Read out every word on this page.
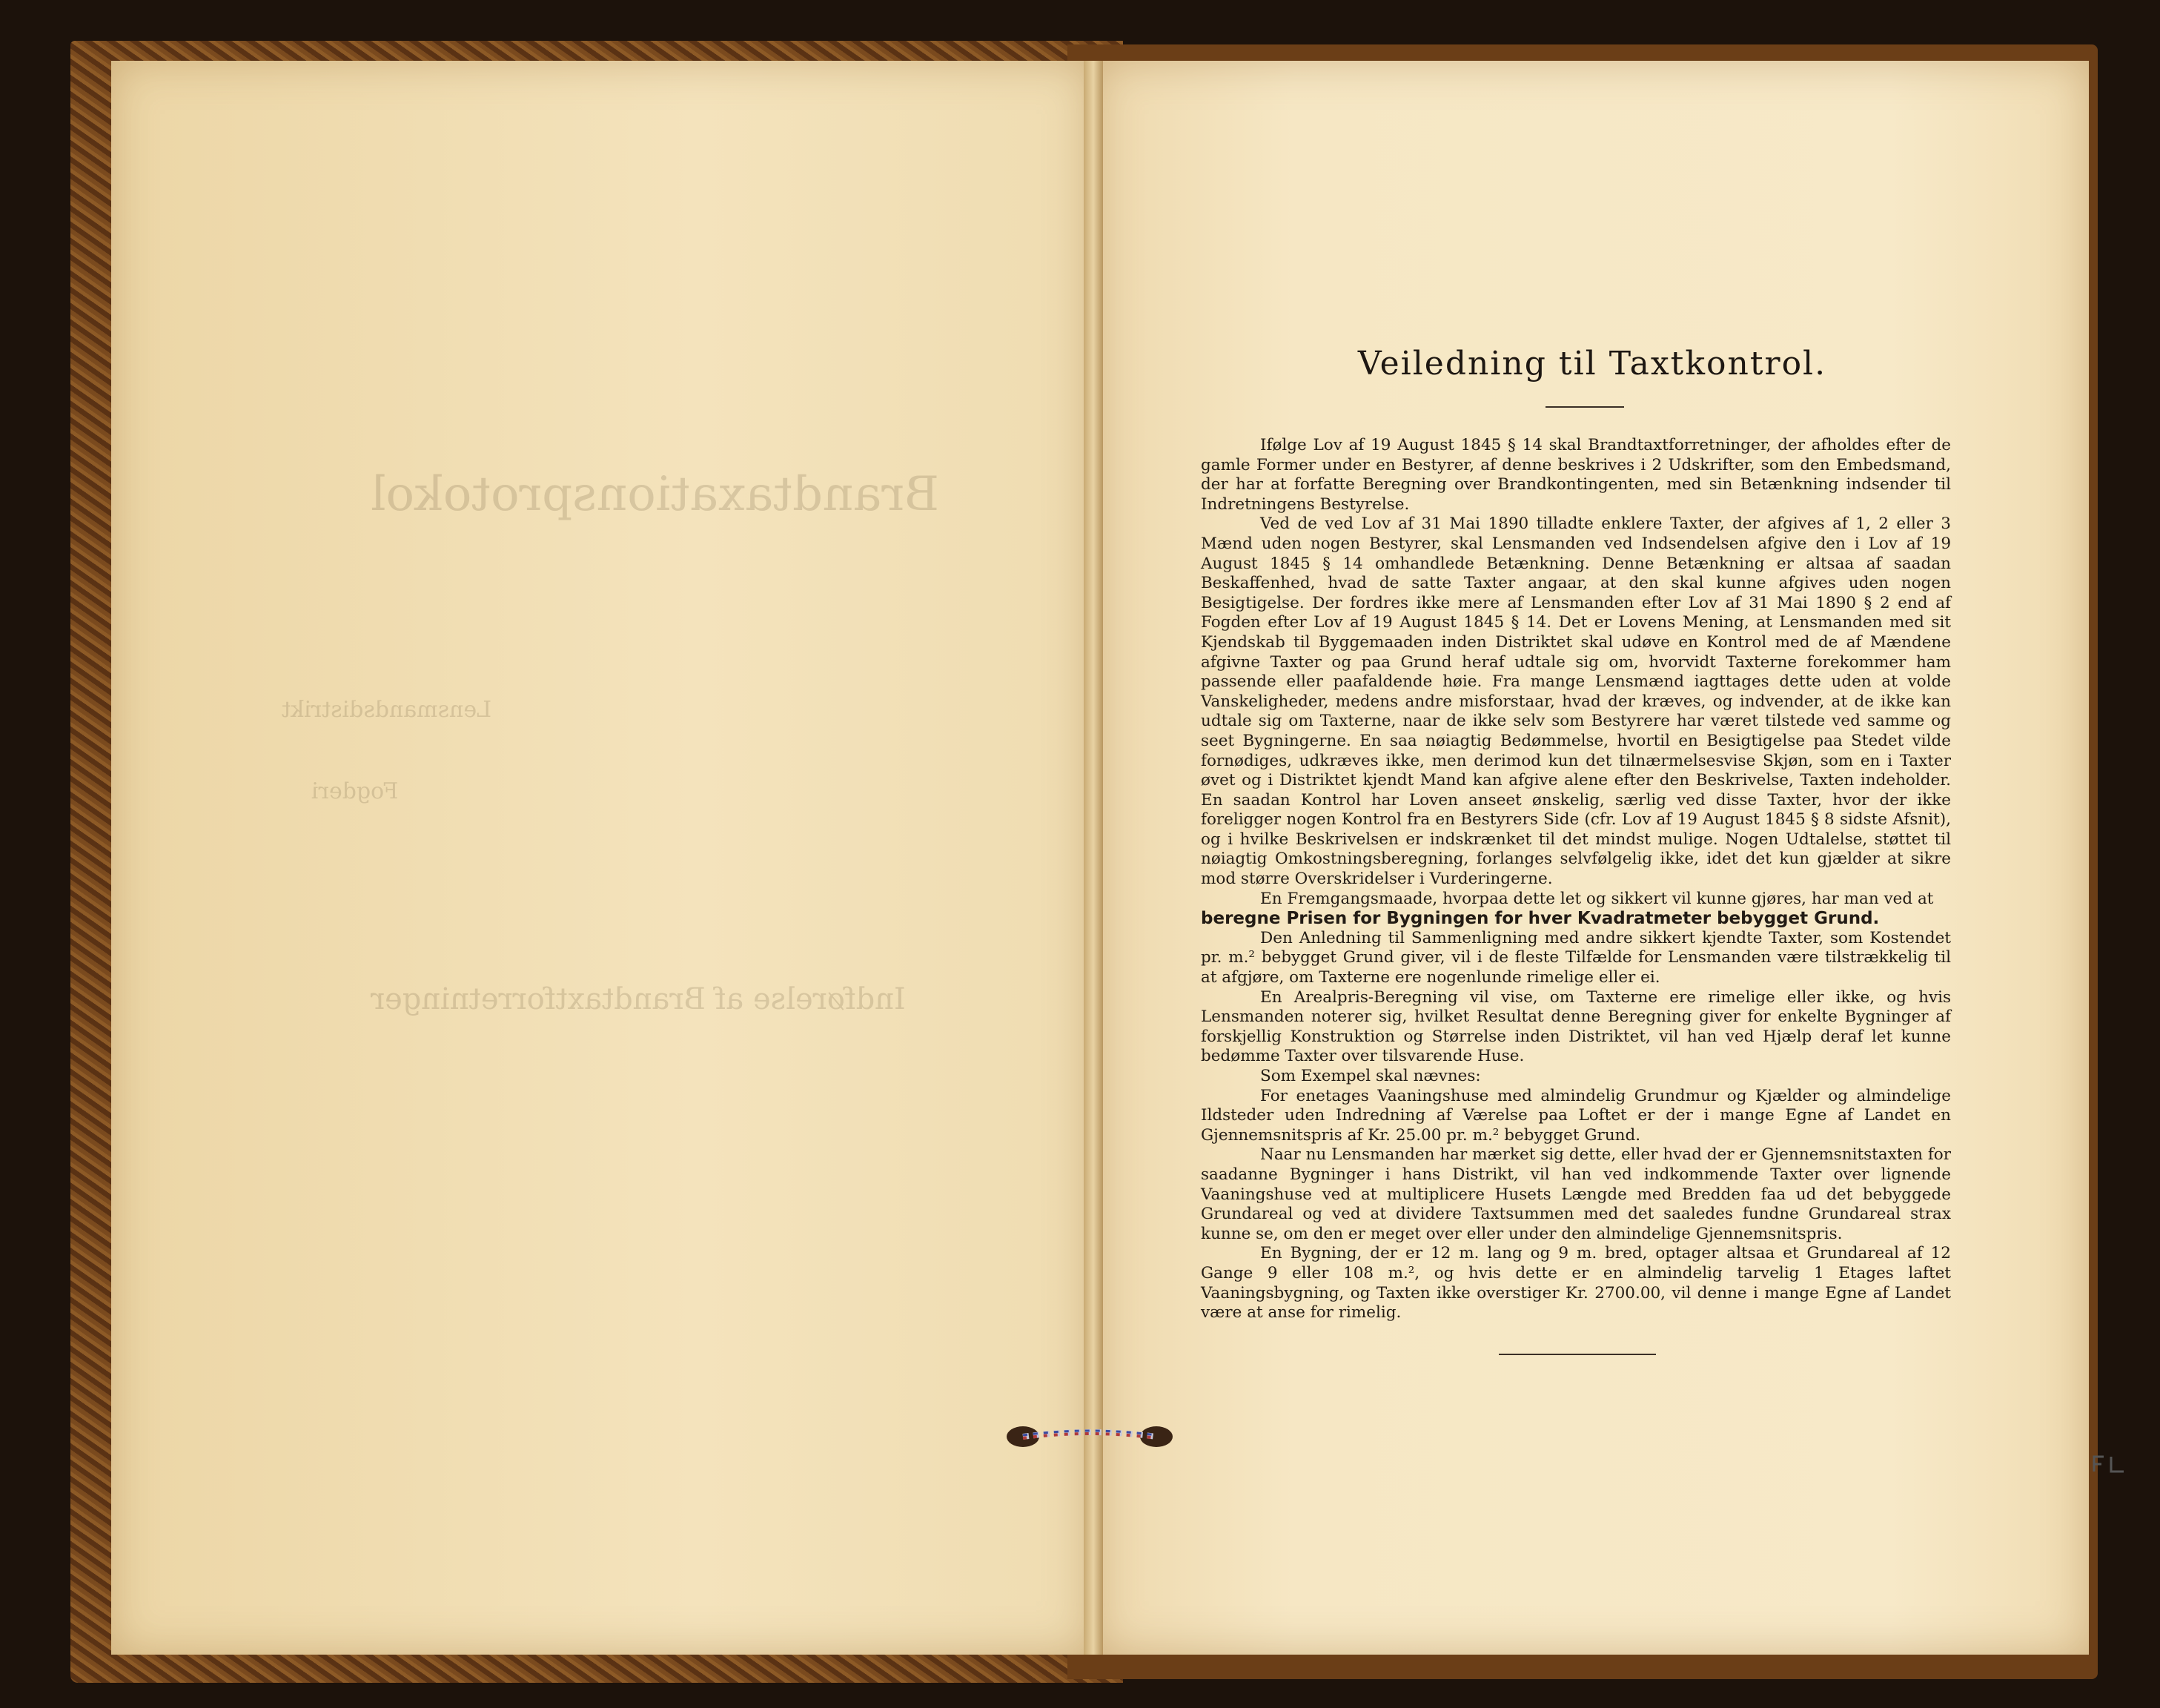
Brandtaxationsprotokol
Lensmandsdistrikt
Fogderi
Indførelse af Brandtaxtforretninger
Veiledning til Taxtkontrol.

Ifølge Lov af 19 August 1845 § 14 skal Brandtaxtforretninger, der afholdes efter de gamle Former under en Bestyrer, af denne beskrives i 2 Udskrifter, som den Embedsmand, der har at forfatte Beregning over Brandkontingenten, med sin Betænkning indsender til Indretningens Bestyrelse.

Ved de ved Lov af 31 Mai 1890 tilladte enklere Taxter, der afgives af 1, 2 eller 3 Mænd uden nogen Bestyrer, skal Lensmanden ved Indsendelsen afgive den i Lov af 19 August 1845 § 14 omhandlede Betænkning. Denne Betænkning er altsaa af saadan Beskaffenhed, hvad de satte Taxter angaar, at den skal kunne afgives uden nogen Besigtigelse. Der fordres ikke mere af Lensmanden efter Lov af 31 Mai 1890 § 2 end af Fogden efter Lov af 19 August 1845 § 14. Det er Lovens Mening, at Lensmanden med sit Kjendskab til Byggemaaden inden Distriktet skal udøve en Kontrol med de af Mændene afgivne Taxter og paa Grund heraf udtale sig om, hvorvidt Taxterne forekommer ham passende eller paafaldende høie. Fra mange Lensmænd iagttages dette uden at volde Vanskeligheder, medens andre misforstaar, hvad der kræves, og indvender, at de ikke kan udtale sig om Taxterne, naar de ikke selv som Bestyrere har været tilstede ved samme og seet Bygningerne. En saa nøiagtig Bedømmelse, hvortil en Besigtigelse paa Stedet vilde fornødiges, udkræves ikke, men derimod kun det tilnærmelsesvise Skjøn, som en i Taxter øvet og i Distriktet kjendt Mand kan afgive alene efter den Beskrivelse, Taxten indeholder. En saadan Kontrol har Loven anseet ønskelig, særlig ved disse Taxter, hvor der ikke foreligger nogen Kontrol fra en Bestyrers Side (cfr. Lov af 19 August 1845 § 8 sidste Afsnit), og i hvilke Beskrivelsen er indskrænket til det mindst mulige. Nogen Udtalelse, støttet til nøiagtig Omkostningsberegning, forlanges selvfølgelig ikke, idet det kun gjælder at sikre mod større Overskridelser i Vurderingerne.

En Fremgangsmaade, hvorpaa dette let og sikkert vil kunne gjøres, har man ved at

beregne Prisen for Bygningen for hver Kvadratmeter bebygget Grund.

Den Anledning til Sammenligning med andre sikkert kjendte Taxter, som Kostendet pr. m.² bebygget Grund giver, vil i de fleste Tilfælde for Lensmanden være tilstrækkelig til at afgjøre, om Taxterne ere nogenlunde rimelige eller ei.

En Arealpris-Beregning vil vise, om Taxterne ere rimelige eller ikke, og hvis Lensmanden noterer sig, hvilket Resultat denne Beregning giver for enkelte Bygninger af forskjellig Konstruktion og Størrelse inden Distriktet, vil han ved Hjælp deraf let kunne bedømme Taxter over tilsvarende Huse.

Som Exempel skal nævnes:

For enetages Vaaningshuse med almindelig Grundmur og Kjælder og almindelige Ildsteder uden Indredning af Værelse paa Loftet er der i mange Egne af Landet en Gjennemsnitspris af Kr. 25.00 pr. m.² bebygget Grund.

Naar nu Lensmanden har mærket sig dette, eller hvad der er Gjennemsnitstaxten for saadanne Bygninger i hans Distrikt, vil han ved indkommende Taxter over lignende Vaaningshuse ved at multiplicere Husets Længde med Bredden faa ud det bebyggede Grundareal og ved at dividere Taxtsummen med det saaledes fundne Grundareal strax kunne se, om den er meget over eller under den almindelige Gjennemsnitspris.

En Bygning, der er 12 m. lang og 9 m. bred, optager altsaa et Grundareal af 12 Gange 9 eller 108 m.², og hvis dette er en almindelig tarvelig 1 Etages laftet Vaaningsbygning, og Taxten ikke overstiger Kr. 2700.00, vil denne i mange Egne af Landet være at anse for rimelig.
